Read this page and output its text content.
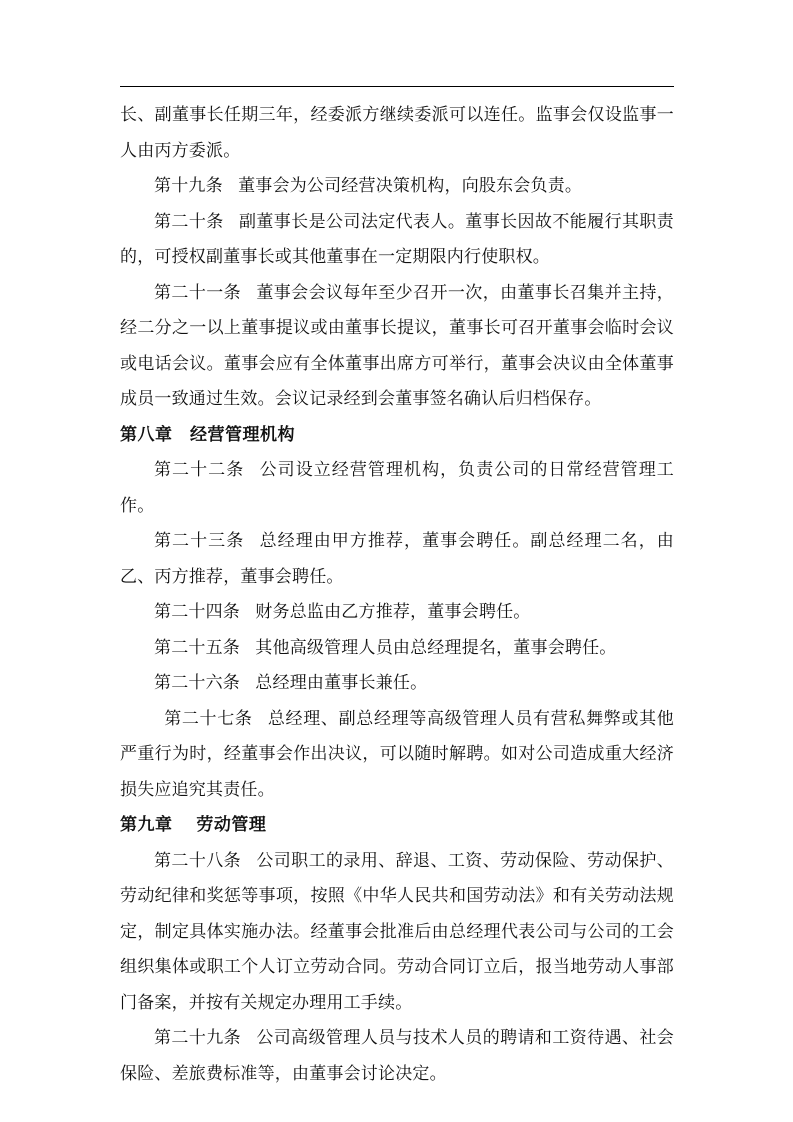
长、副董事长任期三年，经委派方继续委派可以连任。监事会仅设监事一人由丙方委派。

第十九条 董事会为公司经营决策机构，向股东会负责。

第二十条 副董事长是公司法定代表人。董事长因故不能履行其职责的，可授权副董事长或其他董事在一定期限内行使职权。

第二十一条 董事会会议每年至少召开一次，由董事长召集并主持，经二分之一以上董事提议或由董事长提议，董事长可召开董事会临时会议或电话会议。董事会应有全体董事出席方可举行，董事会决议由全体董事成员一致通过生效。会议记录经到会董事签名确认后归档保存。

第八章　经营管理机构

第二十二条 公司设立经营管理机构，负责公司的日常经营管理工作。

第二十三条 总经理由甲方推荐，董事会聘任。副总经理二名，由乙、丙方推荐，董事会聘任。

第二十四条 财务总监由乙方推荐，董事会聘任。

第二十五条 其他高级管理人员由总经理提名，董事会聘任。

第二十六条 总经理由董事长兼任。

第二十七条 总经理、副总经理等高级管理人员有营私舞弊或其他严重行为时，经董事会作出决议，可以随时解聘。如对公司造成重大经济损失应追究其责任。

第九章　 劳动管理

第二十八条 公司职工的录用、辞退、工资、劳动保险、劳动保护、劳动纪律和奖惩等事项，按照《中华人民共和国劳动法》和有关劳动法规定，制定具体实施办法。经董事会批准后由总经理代表公司与公司的工会组织集体或职工个人订立劳动合同。劳动合同订立后，报当地劳动人事部门备案，并按有关规定办理用工手续。

第二十九条 公司高级管理人员与技术人员的聘请和工资待遇、社会保险、差旅费标准等，由董事会讨论决定。
